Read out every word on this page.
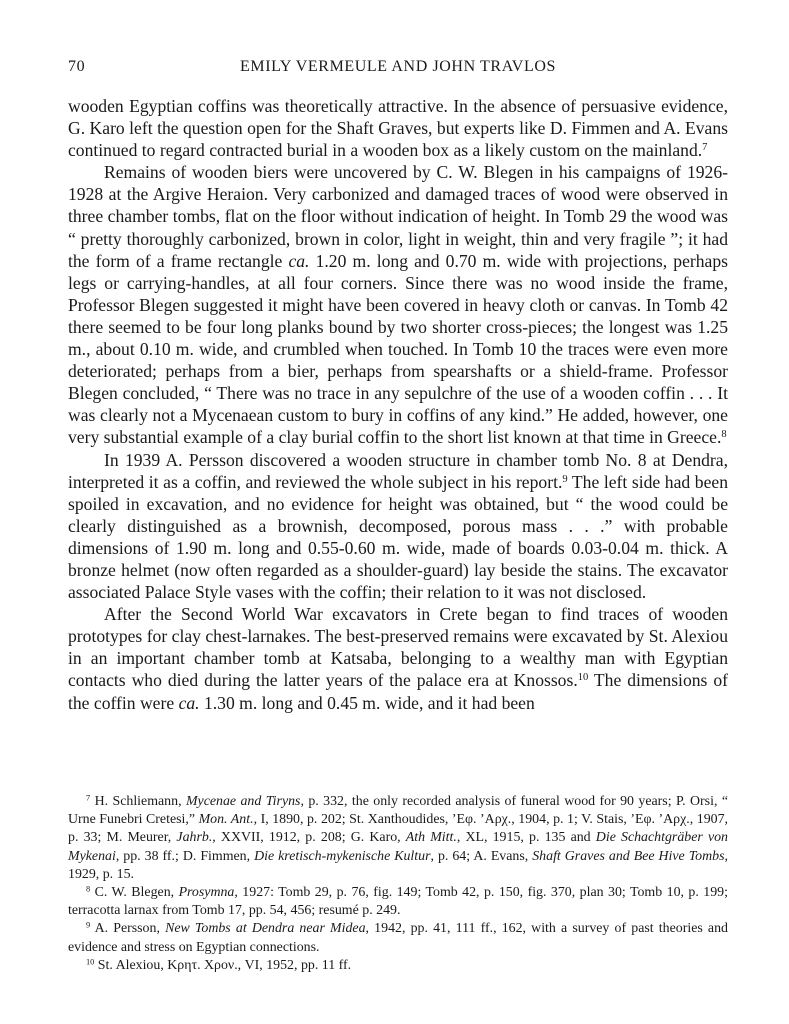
70	EMILY VERMEULE AND JOHN TRAVLOS

wooden Egyptian coffins was theoretically attractive. In the absence of persuasive evidence, G. Karo left the question open for the Shaft Graves, but experts like D. Fimmen and A. Evans continued to regard contracted burial in a wooden box as a likely custom on the mainland.$^7$

Remains of wooden biers were uncovered by C. W. Blegen in his campaigns of 1926-1928 at the Argive Heraion. Very carbonized and damaged traces of wood were observed in three chamber tombs, flat on the floor without indication of height. In Tomb 29 the wood was “ pretty thoroughly carbonized, brown in color, light in weight, thin and very fragile ”; it had the form of a frame rectangle ca. 1.20 m. long and 0.70 m. wide with projections, perhaps legs or carrying-handles, at all four corners. Since there was no wood inside the frame, Professor Blegen suggested it might have been covered in heavy cloth or canvas. In Tomb 42 there seemed to be four long planks bound by two shorter cross-pieces; the longest was 1.25 m., about 0.10 m. wide, and crumbled when touched. In Tomb 10 the traces were even more deteriorated; perhaps from a bier, perhaps from spearshafts or a shield-frame. Professor Blegen concluded, “ There was no trace in any sepulchre of the use of a wooden coffin . . . It was clearly not a Mycenaean custom to bury in coffins of any kind.” He added, however, one very substantial example of a clay burial coffin to the short list known at that time in Greece.$^8$

In 1939 A. Persson discovered a wooden structure in chamber tomb No. 8 at Dendra, interpreted it as a coffin, and reviewed the whole subject in his report.$^9$ The left side had been spoiled in excavation, and no evidence for height was obtained, but “ the wood could be clearly distinguished as a brownish, decomposed, porous mass . . .” with probable dimensions of 1.90 m. long and 0.55-0.60 m. wide, made of boards 0.03-0.04 m. thick. A bronze helmet (now often regarded as a shoulder-guard) lay beside the stains. The excavator associated Palace Style vases with the coffin; their relation to it was not disclosed.

After the Second World War excavators in Crete began to find traces of wooden prototypes for clay chest-larnakes. The best-preserved remains were excavated by St. Alexiou in an important chamber tomb at Katsaba, belonging to a wealthy man with Egyptian contacts who died during the latter years of the palace era at Knossos.$^{10}$ The dimensions of the coffin were ca. 1.30 m. long and 0.45 m. wide, and it had been

$^7$ H. Schliemann, Mycenae and Tiryns, p. 332, the only recorded analysis of funeral wood for 90 years; P. Orsi, “ Urne Funebri Cretesi,” Mon. Ant., I, 1890, p. 202; St. Xanthoudides, ’Eφ. ’Aρχ., 1904, p. 1; V. Stais, ’Eφ. ’Aρχ., 1907, p. 33; M. Meurer, Jahrb., XXVII, 1912, p. 208; G. Karo, Ath Mitt., XL, 1915, p. 135 and Die Schachtgräber von Mykenai, pp. 38 ff.; D. Fimmen, Die kretisch-mykenische Kultur, p. 64; A. Evans, Shaft Graves and Bee Hive Tombs, 1929, p. 15.

$^8$ C. W. Blegen, Prosymna, 1927: Tomb 29, p. 76, fig. 149; Tomb 42, p. 150, fig. 370, plan 30; Tomb 10, p. 199; terracotta larnax from Tomb 17, pp. 54, 456; resumé p. 249.

$^9$ A. Persson, New Tombs at Dendra near Midea, 1942, pp. 41, 111 ff., 162, with a survey of past theories and evidence and stress on Egyptian connections.

$^{10}$ St. Alexiou, Kρητ. Xρον., VI, 1952, pp. 11 ff.
